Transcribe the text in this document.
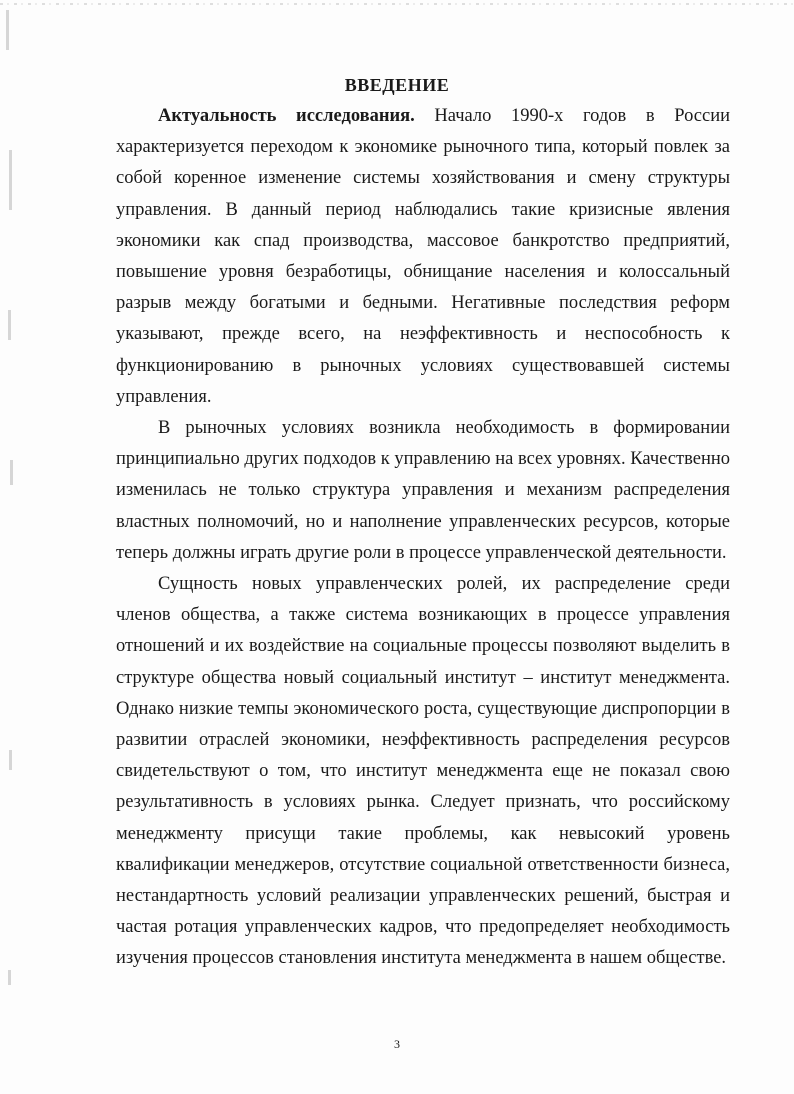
ВВЕДЕНИЕ

Актуальность исследования. Начало 1990-х годов в России характеризуется переходом к экономике рыночного типа, который повлек за собой коренное изменение системы хозяйствования и смену структуры управления. В данный период наблюдались такие кризисные явления экономики как спад производства, массовое банкротство предприятий, повышение уровня безработицы, обнищание населения и колоссальный разрыв между богатыми и бедными. Негативные последствия реформ указывают, прежде всего, на неэффективность и неспособность к функционированию в рыночных условиях существовавшей системы управления.

В рыночных условиях возникла необходимость в формировании принципиально других подходов к управлению на всех уровнях. Качественно изменилась не только структура управления и механизм распределения властных полномочий, но и наполнение управленческих ресурсов, которые теперь должны играть другие роли в процессе управленческой деятельности.

Сущность новых управленческих ролей, их распределение среди членов общества, а также система возникающих в процессе управления отношений и их воздействие на социальные процессы позволяют выделить в структуре общества новый социальный институт – институт менеджмента. Однако низкие темпы экономического роста, существующие диспропорции в развитии отраслей экономики, неэффективность распределения ресурсов свидетельствуют о том, что институт менеджмента еще не показал свою результативность в условиях рынка. Следует признать, что российскому менеджменту присущи такие проблемы, как невысокий уровень квалификации менеджеров, отсутствие социальной ответственности бизнеса, нестандартность условий реализации управленческих решений, быстрая и частая ротация управленческих кадров, что предопределяет необходимость изучения процессов становления института менеджмента в нашем обществе.

3
